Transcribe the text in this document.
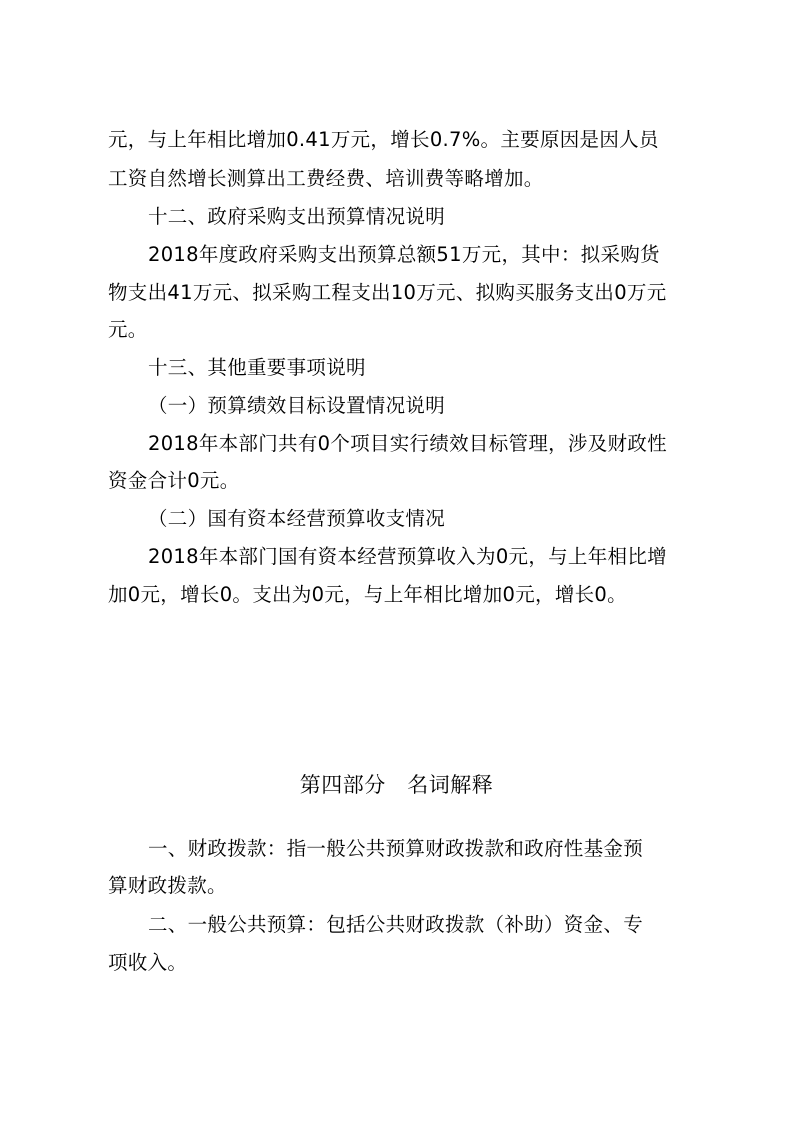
元，与上年相比增加0.41万元，增长0.7%。主要原因是因人员
工资自然增长测算出工费经费、培训费等略增加。
十二、政府采购支出预算情况说明
2018年度政府采购支出预算总额51万元，其中：拟采购货
物支出41万元、拟采购工程支出10万元、拟购买服务支出0万元
元。
十三、其他重要事项说明
（一）预算绩效目标设置情况说明
2018年本部门共有0个项目实行绩效目标管理，涉及财政性
资金合计0元。
（二）国有资本经营预算收支情况
2018年本部门国有资本经营预算收入为0元，与上年相比增
加0元，增长0。支出为0元，与上年相比增加0元，增长0。
第四部分　名词解释
一、财政拨款：指一般公共预算财政拨款和政府性基金预
算财政拨款。
二、一般公共预算：包括公共财政拨款（补助）资金、专
项收入。
